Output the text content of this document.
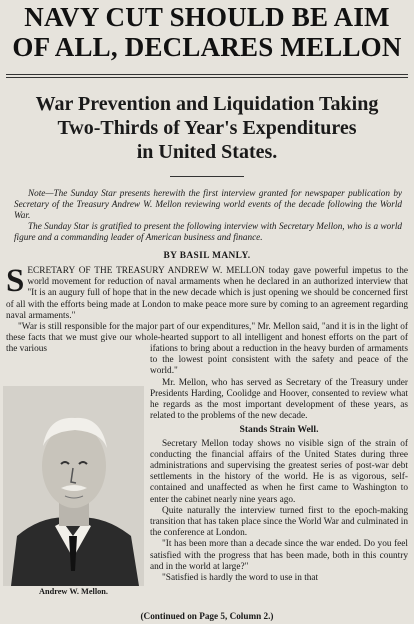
NAVY CUT SHOULD BE AIM
OF ALL, DECLARES MELLON
War Prevention and Liquidation Taking
Two-Thirds of Year's Expenditures
in United States.

Note—The Sunday Star presents herewith the first interview granted for newspaper publication by Secretary of the Treasury Andrew W. Mellon reviewing world events of the decade following the World War.

The Sunday Star is gratified to present the following interview with Secretary Mellon, who is a world figure and a commanding leader of American business and finance.

BY BASIL MANLY.

SECRETARY OF THE TREASURY ANDREW W. MELLON today gave powerful impetus to the world movement for reduction of naval armaments when he declared in an authorized interview that "It is an augury full of hope that in the new decade which is just opening we should be concerned first of all with the efforts being made at London to make peace more sure by coming to an agreement regarding naval armaments."

"War is still responsible for the major part of our expenditures," Mr. Mellon said, "and it is in the light of these facts that we must give our whole-hearted support to all intelligent and honest efforts on the part of the various

Andrew W. Mellon.

ifations to bring about a reduction in the heavy burden of armaments to the lowest point consistent with the safety and peace of the world."

Mr. Mellon, who has served as Secretary of the Treasury under Presidents Harding, Coolidge and Hoover, consented to review what he regards as the most important development of these years, as related to the problems of the new decade.

Stands Strain Well.

Secretary Mellon today shows no visible sign of the strain of conducting the financial affairs of the United States during three administrations and supervising the greatest series of post-war debt settlements in the history of the world. He is as vigorous, self-contained and unaffected as when he first came to Washington to enter the cabinet nearly nine years ago.

Quite naturally the interview turned first to the epoch-making transition that has taken place since the World War and culminated in the conference at London.

"It has been more than a decade since the war ended. Do you feel satisfied with the progress that has been made, both in this country and in the world at large?"

"Satisfied is hardly the word to use in that

(Continued on Page 5, Column 2.)
